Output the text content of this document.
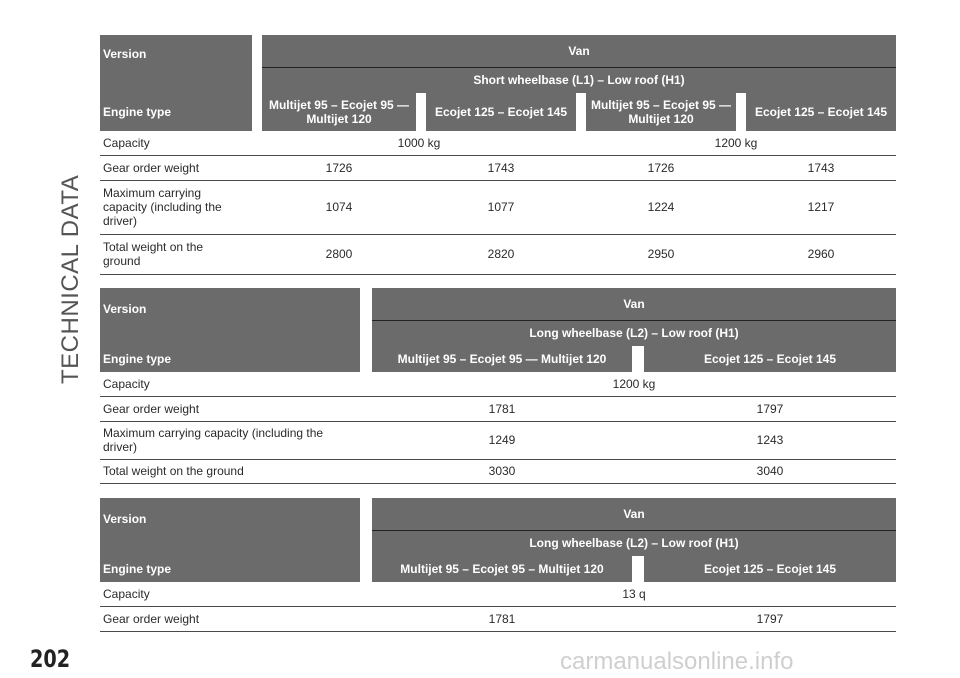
TECHNICAL DATA
Version		Van						
		Short wheelbase (L1) – Low roof (H1)						
Engine type		Multijet 95 – Ecojet 95 — Multijet 120		Ecojet 125 – Ecojet 145		Multijet 95 – Ecojet 95 — Multijet 120		Ecojet 125 – Ecojet 145
Capacity		1000 kg			1200 kg			
Gear order weight		1726		1743		1726		1743
Maximum carrying capacity (including the driver)		1074		1077		1224		1217
Total weight on the ground		2800		2820		2950		2960
Version		Van		
		Long wheelbase (L2) – Low roof (H1)		
Engine type		Multijet 95 – Ecojet 95 — Multijet 120		Ecojet 125 – Ecojet 145
Capacity		1200 kg		
Gear order weight		1781		1797
Maximum carrying capacity (including the driver)		1249		1243
Total weight on the ground		3030		3040
Version		Van		
		Long wheelbase (L2) – Low roof (H1)		
Engine type		Multijet 95 – Ecojet 95 – Multijet 120		Ecojet 125 – Ecojet 145
Capacity		13 q		
Gear order weight		1781		1797
202	carmanualsonline.info
